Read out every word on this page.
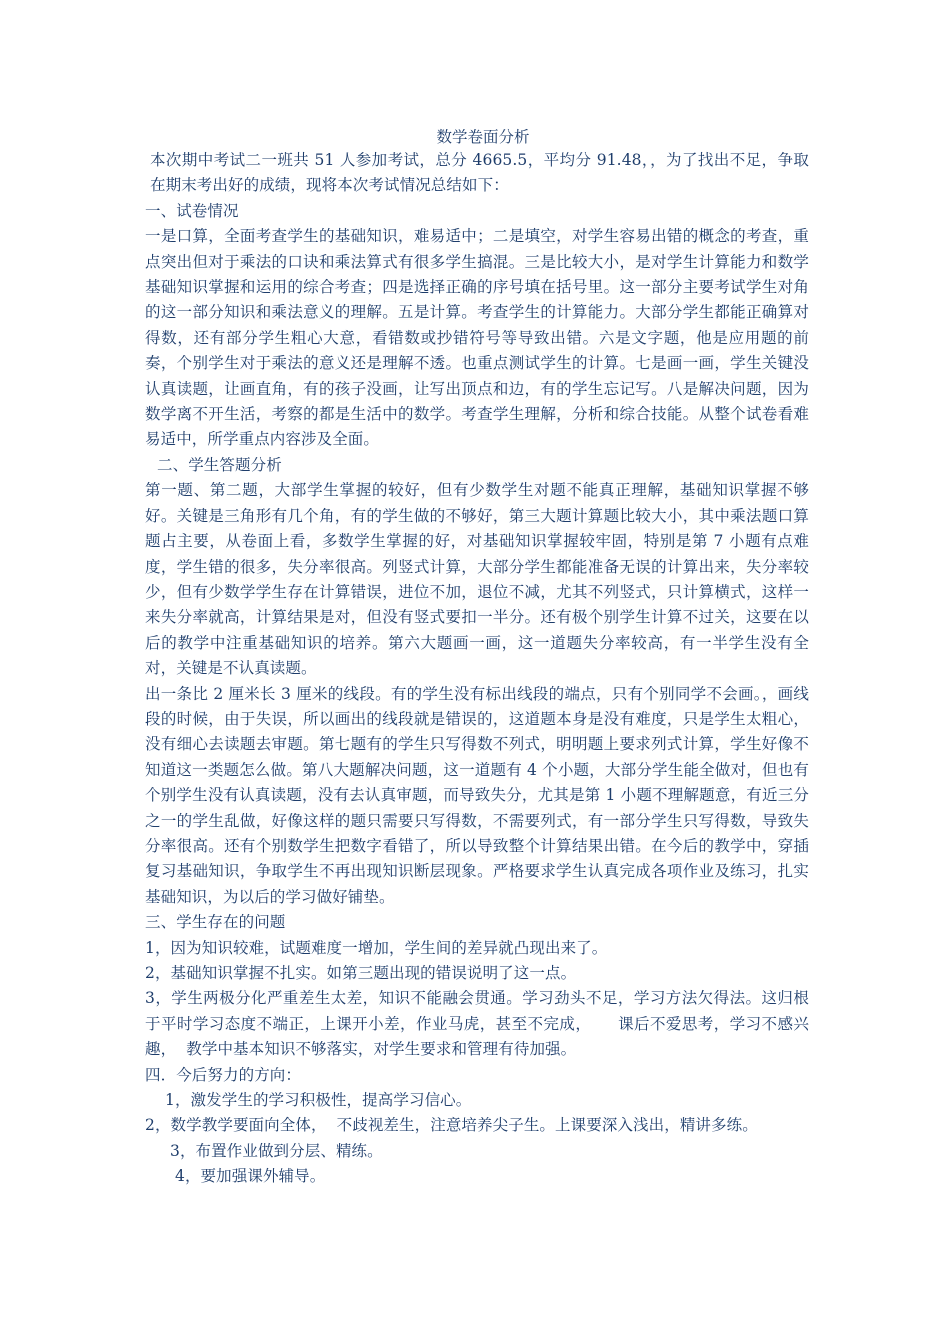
数学卷面分析

本次期中考试二一班共 51 人参加考试，总分 4665.5，平均分 91.48，，为了找出不足，争取在期末考出好的成绩，现将本次考试情况总结如下：

一、试卷情况

一是口算，全面考查学生的基础知识，难易适中；二是填空，对学生容易出错的概念的考查，重点突出但对于乘法的口诀和乘法算式有很多学生搞混。三是比较大小，是对学生计算能力和数学基础知识掌握和运用的综合考查；四是选择正确的序号填在括号里。这一部分主要考试学生对角的这一部分知识和乘法意义的理解。五是计算。考查学生的计算能力。大部分学生都能正确算对得数，还有部分学生粗心大意，看错数或抄错符号等导致出错。六是文字题，他是应用题的前奏，个别学生对于乘法的意义还是理解不透。也重点测试学生的计算。七是画一画，学生关键没认真读题，让画直角，有的孩子没画，让写出顶点和边，有的学生忘记写。八是解决问题，因为数学离不开生活，考察的都是生活中的数学。考查学生理解，分析和综合技能。从整个试卷看难易适中，所学重点内容涉及全面。

二、学生答题分析

第一题、第二题，大部学生掌握的较好，但有少数学生对题不能真正理解，基础知识掌握不够好。关键是三角形有几个角，有的学生做的不够好，第三大题计算题比较大小，其中乘法题口算题占主要，从卷面上看，多数学生掌握的好，对基础知识掌握较牢固，特别是第 7 小题有点难度，学生错的很多，失分率很高。列竖式计算，大部分学生都能准备无误的计算出来，失分率较少，但有少数学学生存在计算错误，进位不加，退位不减，尤其不列竖式，只计算横式，这样一来失分率就高，计算结果是对，但没有竖式要扣一半分。还有极个别学生计算不过关，这要在以后的教学中注重基础知识的培养。第六大题画一画，这一道题失分率较高，有一半学生没有全对，关键是不认真读题。

出一条比 2 厘米长 3 厘米的线段。有的学生没有标出线段的端点，只有个别同学不会画。，画线段的时候，由于失误，所以画出的线段就是错误的，这道题本身是没有难度，只是学生太粗心，没有细心去读题去审题。第七题有的学生只写得数不列式，明明题上要求列式计算，学生好像不知道这一类题怎么做。第八大题解决问题，这一道题有 4 个小题，大部分学生能全做对，但也有个别学生没有认真读题，没有去认真审题，而导致失分，尤其是第 1 小题不理解题意，有近三分之一的学生乱做，好像这样的题只需要只写得数，不需要列式，有一部分学生只写得数，导致失分率很高。还有个别数学生把数字看错了，所以导致整个计算结果出错。在今后的教学中，穿插复习基础知识，争取学生不再出现知识断层现象。严格要求学生认真完成各项作业及练习，扎实基础知识，为以后的学习做好铺垫。

三、学生存在的问题

1，因为知识较难，试题难度一增加，学生间的差异就凸现出来了。

2，基础知识掌握不扎实。如第三题出现的错误说明了这一点。

3，学生两极分化严重差生太差，知识不能融会贯通。学习劲头不足，学习方法欠得法。这归根于平时学习态度不端正，上课开小差，作业马虎，甚至不完成，     课后不爱思考，学习不感兴趣，  教学中基本知识不够落实，对学生要求和管理有待加强。

四．今后努力的方向：

1，激发学生的学习积极性，提高学习信心。

2，数学教学要面向全体，  不歧视差生，注意培养尖子生。上课要深入浅出，精讲多练。

3，布置作业做到分层、精练。

4，要加强课外辅导。
